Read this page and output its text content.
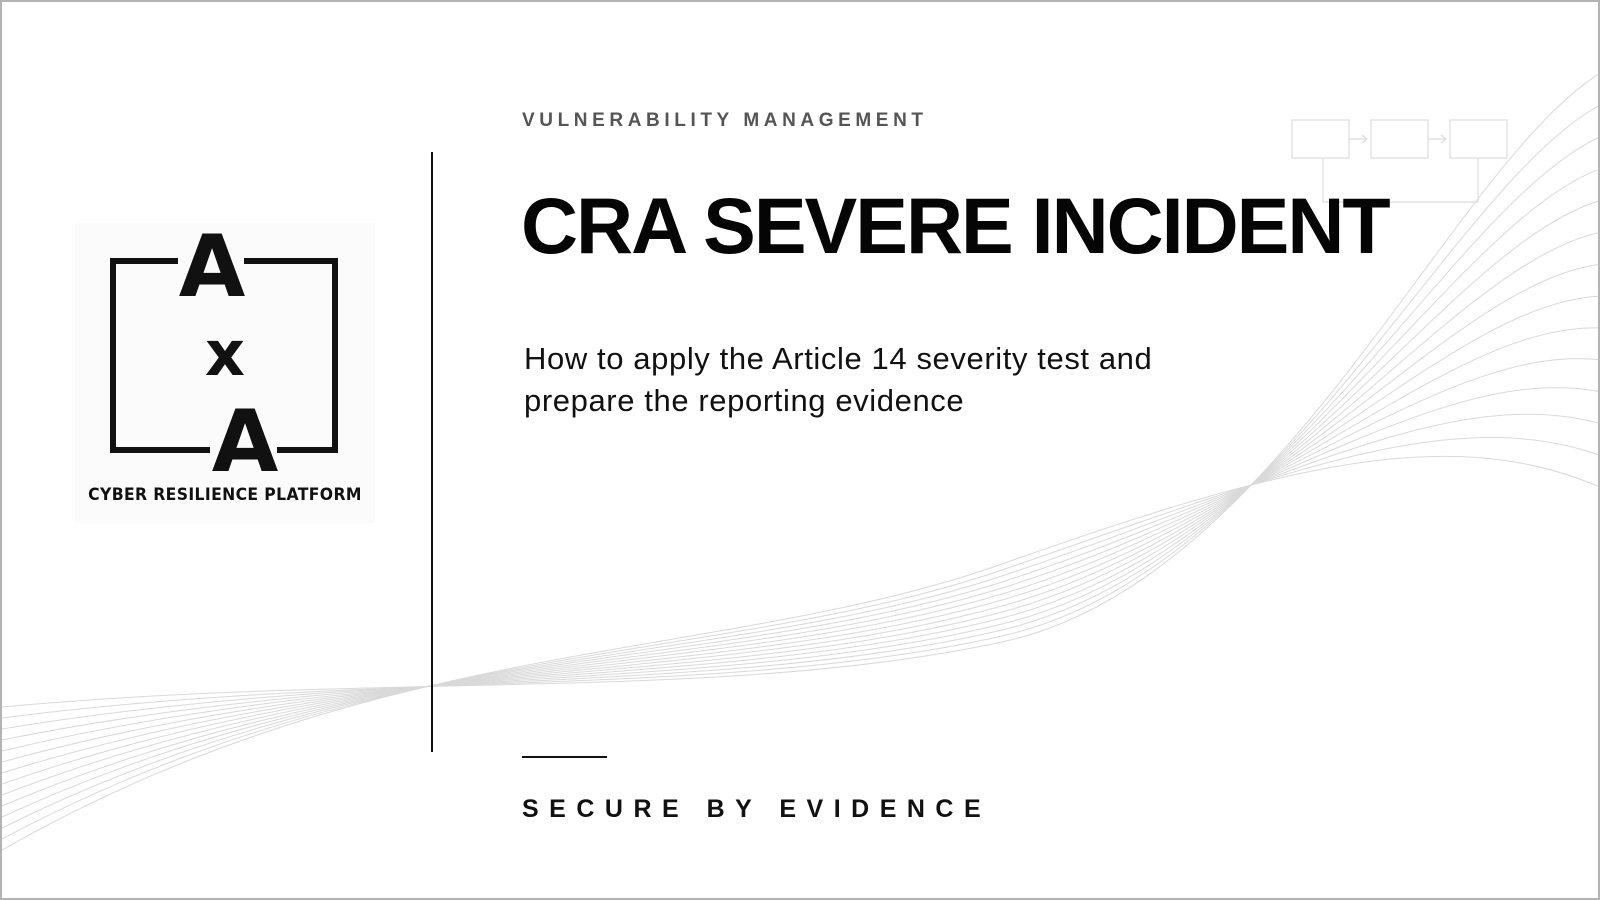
A
x
A
CYBER RESILIENCE PLATFORM
VULNERABILITY MANAGEMENT
CRA SEVERE INCIDENT
How to apply the Article 14 severity test and prepare the reporting evidence
SECURE BY EVIDENCE
